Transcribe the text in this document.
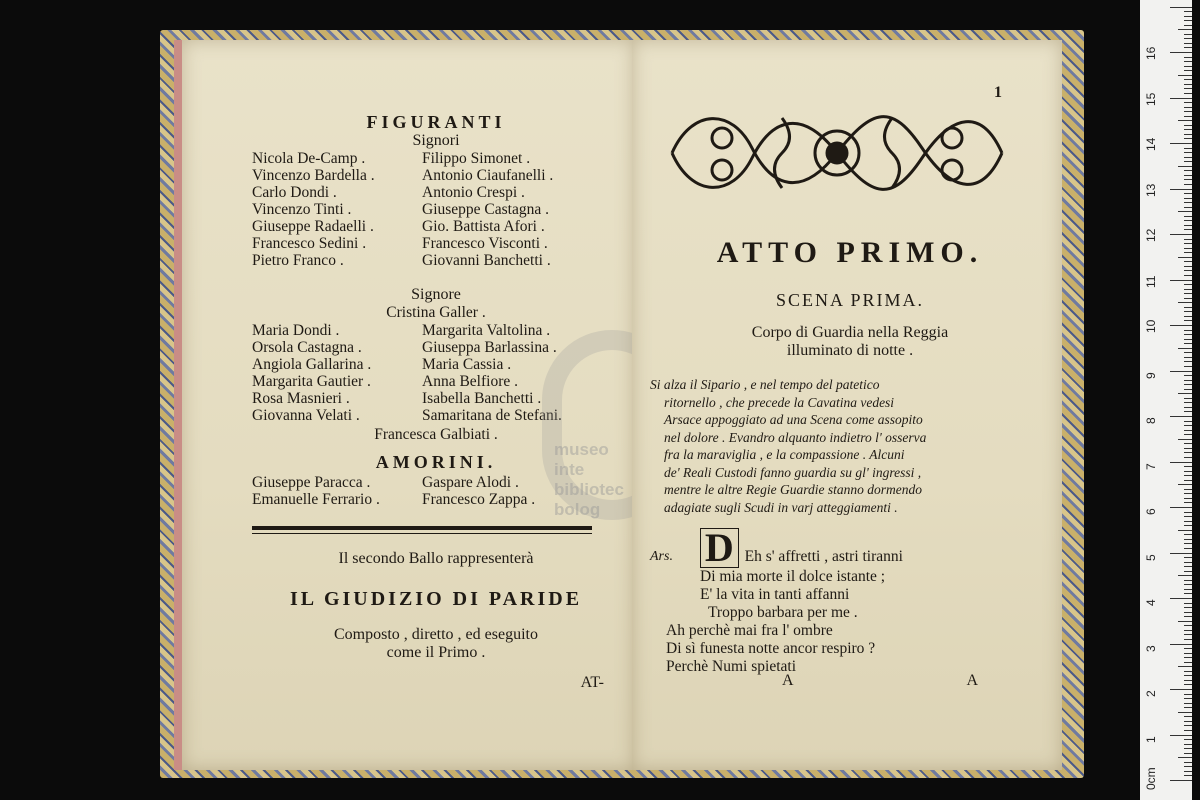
FIGURANTI
Signori
Nicola De-Camp .	Filippo Simonet .
Vincenzo Bardella .	Antonio Ciaufanelli .
Carlo Dondi .	Antonio Crespi .
Vincenzo Tinti .	Giuseppe Castagna .
Giuseppe Radaelli .	Gio. Battista Afori .
Francesco Sedini .	Francesco Visconti .
Pietro Franco .	Giovanni Banchetti .
Signore
Cristina Galler .
Maria Dondi .	Margarita Valtolina .
Orsola Castagna .	Giuseppa Barlassina .
Angiola Gallarina .	Maria Cassia .
Margarita Gautier .	Anna Belfiore .
Rosa Masnieri .	Isabella Banchetti .
Giovanna Velati .	Samaritana de Stefani.
Francesca Galbiati .
AMORINI.
Giuseppe Paracca .	Gaspare Alodi .
Emanuelle Ferrario .	Francesco Zappa .
Il secondo Ballo rappresenterà
IL GIUDIZIO DI PARIDE
Composto , diretto , ed eseguito
come il Primo .
AT-
museo inte
bibliotec
bolog
1
ATTO PRIMO.
SCENA PRIMA.
Corpo di Guardia nella Reggia
illuminato di notte .
Si alza il Sipario , e nel tempo del patetico
ritornello , che precede la Cavatina vedesi
Arsace appoggiato ad una Scena come assopito
nel dolore . Evandro alquanto indietro l' osserva
fra la maraviglia , e la compassione . Alcuni
de' Reali Custodi fanno guardia su gl' ingressi ,
mentre le altre Regie Guardie stanno dormendo
adagiate sugli Scudi in varj atteggiamenti .
Ars. D Eh s' affretti , astri tiranni
Di mia morte il dolce istante ;
E' la vita in tanti affanni
Troppo barbara per me .
Ah perchè mai fra l' ombre
Di sì funesta notte ancor respiro ?
Perchè Numi spietati
A	A
0cm
1
2
3
4
5
6
7
8
9
10
11
12
13
14
15
16
